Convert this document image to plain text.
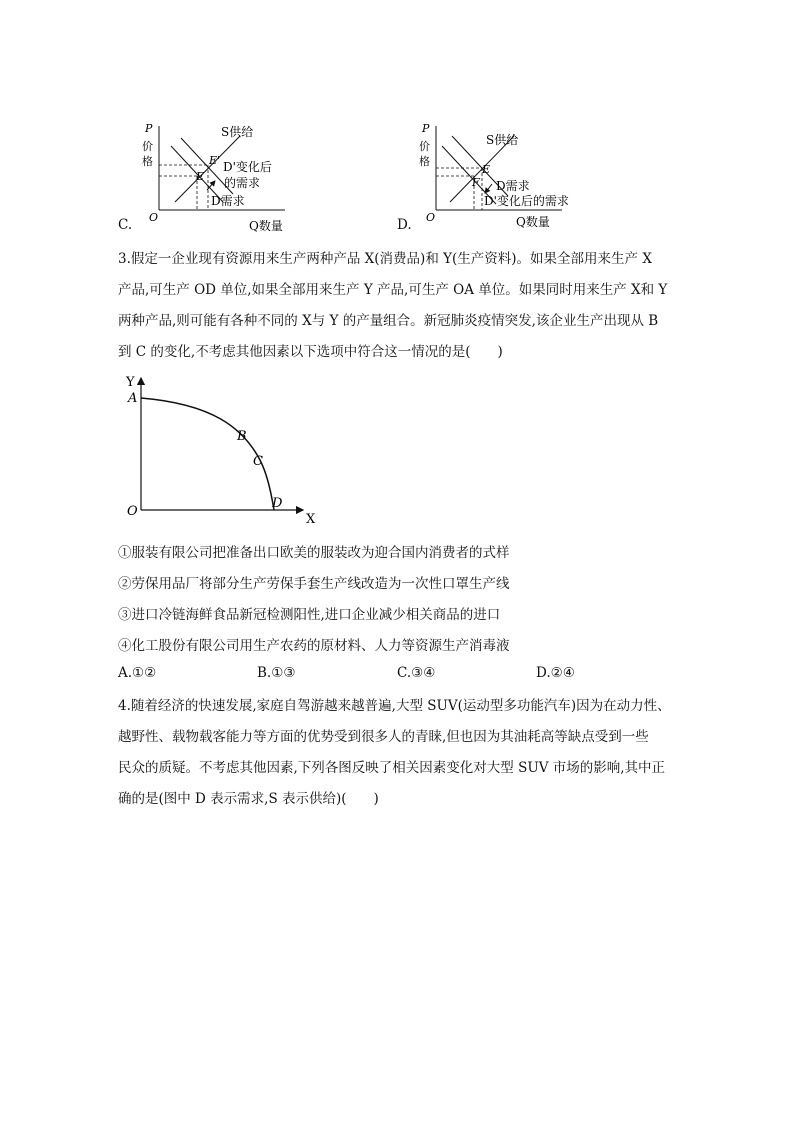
C.
P
价
格
O
Q数量
S供给
E'
E
D'变化后
的需求
D需求
D.
P
价
格
O	Q数量
S供给
E
F D需求
D'变化后的需求
3.假定一企业现有资源用来生产两种产品 X(消费品)和 Y(生产资料)。如果全部用来生产 X
产品,可生产 OD 单位,如果全部用来生产 Y 产品,可生产 OA 单位。如果同时用来生产 X和 Y
两种产品,则可能有各种不同的 X与 Y 的产量组合。新冠肺炎疫情突发,该企业生产出现从 B
到 C 的变化,不考虑其他因素以下选项中符合这一情况的是(　　)
Y
X
O
A
B
C
D
①服装有限公司把准备出口欧美的服装改为迎合国内消费者的式样
②劳保用品厂将部分生产劳保手套生产线改造为一次性口罩生产线
③进口冷链海鲜食品新冠检测阳性,进口企业减少相关商品的进口
④化工股份有限公司用生产农药的原材料、人力等资源生产消毒液
A.①②	B.①③	C.③④	D.②④
4.随着经济的快速发展,家庭自驾游越来越普遍,大型 SUV(运动型多功能汽车)因为在动力性、
越野性、载物载客能力等方面的优势受到很多人的青睐,但也因为其油耗高等缺点受到一些
民众的质疑。不考虑其他因素,下列各图反映了相关因素变化对大型 SUV 市场的影响,其中正
确的是(图中 D 表示需求,S 表示供给)(　　)
